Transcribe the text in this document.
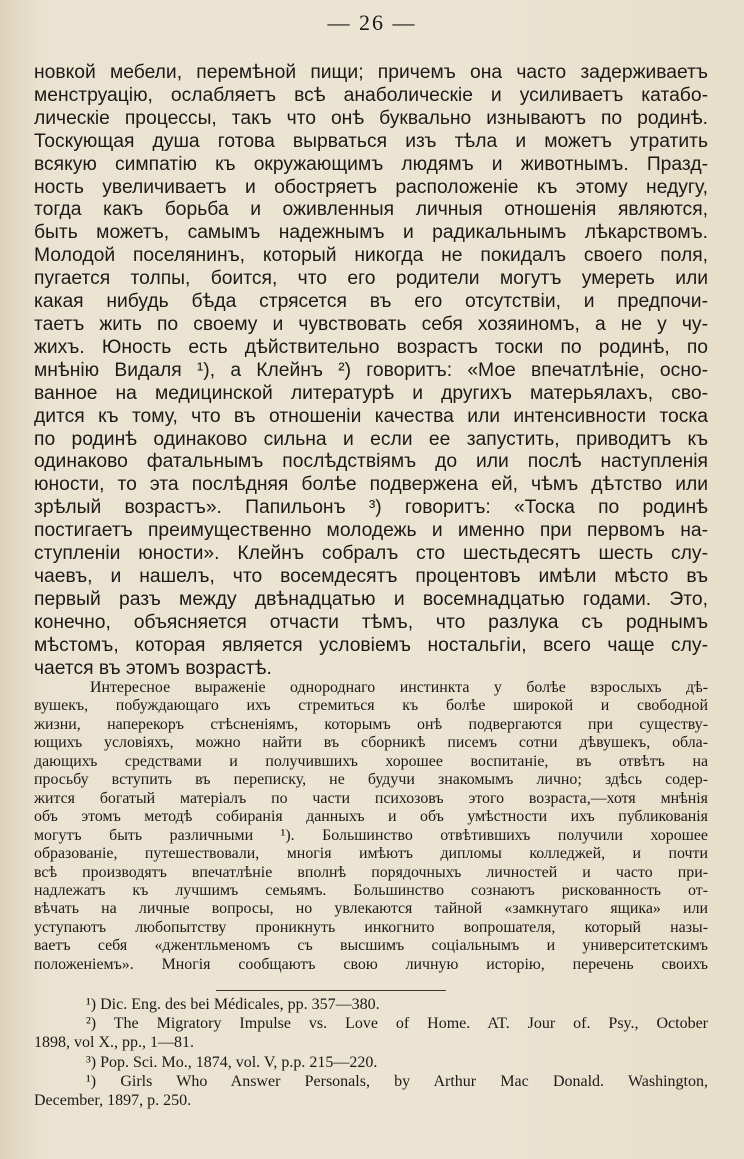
— 26 —
новкой мебели, перемѣной пищи; причемъ она часто задерживаетъ
менструацію, ослабляетъ всѣ анаболическіе и усиливаетъ катабо-
лическіе процессы, такъ что онѣ буквально изнываютъ по родинѣ.
Тоскующая душа готова вырваться изъ тѣла и можетъ утратить
всякую симпатію къ окружающимъ людямъ и животнымъ. Празд-
ность увеличиваетъ и обостряетъ расположеніе къ этому недугу,
тогда какъ борьба и оживленныя личныя отношенія являются,
быть можетъ, самымъ надежнымъ и радикальнымъ лѣкарствомъ.
Молодой поселянинъ, который никогда не покидалъ своего поля,
пугается толпы, боится, что его родители могутъ умереть или
какая нибудь бѣда стрясется въ его отсутствіи, и предпочи-
таетъ жить по своему и чувствовать себя хозяиномъ, а не у чу-
жихъ. Юность есть дѣйствительно возрастъ тоски по родинѣ, по
мнѣнію Видаля ¹), а Клейнъ ²) говоритъ: «Мое впечатлѣніе, осно-
ванное на медицинской литературѣ и другихъ матерьялахъ, сво-
дится къ тому, что въ отношеніи качества или интенсивности тоска
по родинѣ одинаково сильна и если ее запустить, приводитъ къ
одинаково фатальнымъ послѣдствіямъ до или послѣ наступленія
юности, то эта послѣдняя болѣе подвержена ей, чѣмъ дѣтство или
зрѣлый возрастъ». Папильонъ ³) говоритъ: «Тоска по родинѣ
постигаетъ преимущественно молодежь и именно при первомъ на-
ступленіи юности». Клейнъ собралъ сто шестьдесятъ шесть слу-
чаевъ, и нашелъ, что восемдесятъ процентовъ имѣли мѣсто въ
первый разъ между двѣнадцатью и восемнадцатью годами. Это,
конечно, объясняется отчасти тѣмъ, что разлука съ роднымъ
мѣстомъ, которая является условіемъ ностальгіи, всего чаще слу-
чается въ этомъ возрастѣ.
Интересное выраженіе однороднаго инстинкта у болѣе взрослыхъ дѣ-
вушекъ, побуждающаго ихъ стремиться къ болѣе широкой и свободной
жизни, наперекоръ стѣсненіямъ, которымъ онѣ подвергаются при существу-
ющихъ условіяхъ, можно найти въ сборникѣ писемъ сотни дѣвушекъ, обла-
дающихъ средствами и получившихъ хорошее воспитаніе, въ отвѣтъ на
просьбу вступить въ переписку, не будучи знакомымъ лично; здѣсь содер-
жится богатый матеріалъ по части психозовъ этого возраста,—хотя мнѣнія
объ этомъ методѣ собиранія данныхъ и объ умѣстности ихъ публикованія
могутъ быть различными ¹). Большинство отвѣтившихъ получили хорошее
образованіе, путешествовали, многія имѣютъ дипломы колледжей, и почти
всѣ производятъ впечатлѣніе вполнѣ порядочныхъ личностей и часто при-
надлежатъ къ лучшимъ семьямъ. Большинство сознаютъ рискованность от-
вѣчать на личные вопросы, но увлекаются тайной «замкнутаго ящика» или
уступаютъ любопытству проникнуть инкогнито вопрошателя, который назы-
ваетъ себя «джентльменомъ съ высшимъ соціальнымъ и университетскимъ
положеніемъ». Многія сообщаютъ свою личную исторію, перечень своихъ
¹) Dic. Eng. des bei Médicales, pp. 357—380.
²) The Migratory Impulse vs. Love of Home. AT. Jour of. Psy., October
1898, vol X., pp., 1—81.
³) Pop. Sci. Mo., 1874, vol. V, p.p. 215—220.
¹) Girls Who Answer Personals, by Arthur Mac Donald. Washington,
December, 1897, p. 250.
